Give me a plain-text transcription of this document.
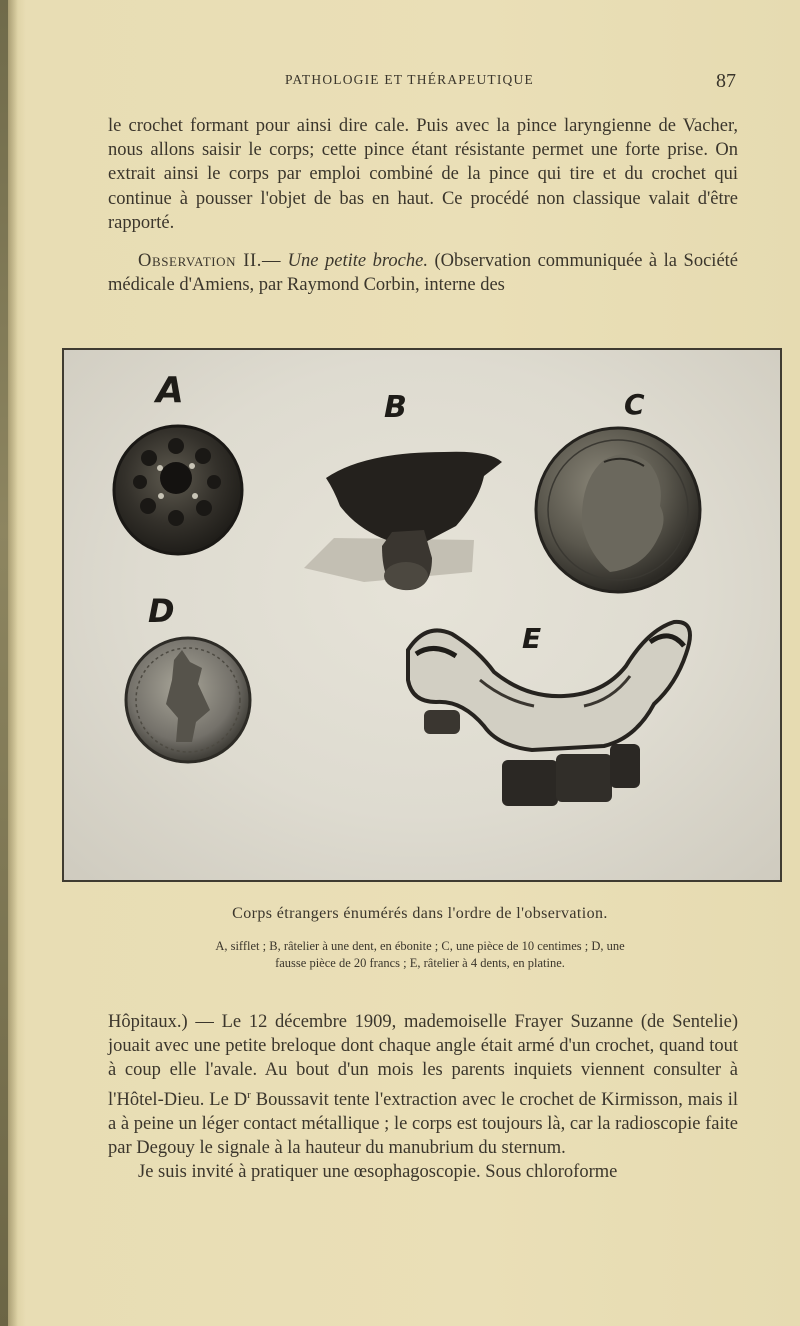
PATHOLOGIE ET THÉRAPEUTIQUE	87

le crochet formant pour ainsi dire cale. Puis avec la pince laryngienne de Vacher, nous allons saisir le corps; cette pince étant résistante permet une forte prise. On extrait ainsi le corps par emploi combiné de la pince qui tire et du crochet qui continue à pousser l'objet de bas en haut. Ce procédé non classique valait d'être rapporté.

Observation II.— Une petite broche. (Observation communiquée à la Société médicale d'Amiens, par Raymond Corbin, interne des

A	B	C
D
E
Corps étrangers énumérés dans l'ordre de l'observation.
A, sifflet ; B, râtelier à une dent, en ébonite ; C, une pièce de 10 centimes ; D, une
fausse pièce de 20 francs ; E, râtelier à 4 dents, en platine.

Hôpitaux.) — Le 12 décembre 1909, mademoiselle Frayer Suzanne (de Sentelie) jouait avec une petite breloque dont chaque angle était armé d'un crochet, quand tout à coup elle l'avale. Au bout d'un mois les parents inquiets viennent consulter à l'Hôtel-Dieu. Le $D^r$ Boussavit tente l'extraction avec le crochet de Kirmisson, mais il a à peine un léger contact métallique ; le corps est toujours là, car la radioscopie faite par Degouy le signale à la hauteur du manubrium du sternum.

Je suis invité à pratiquer une œsophagoscopie. Sous chloroforme
